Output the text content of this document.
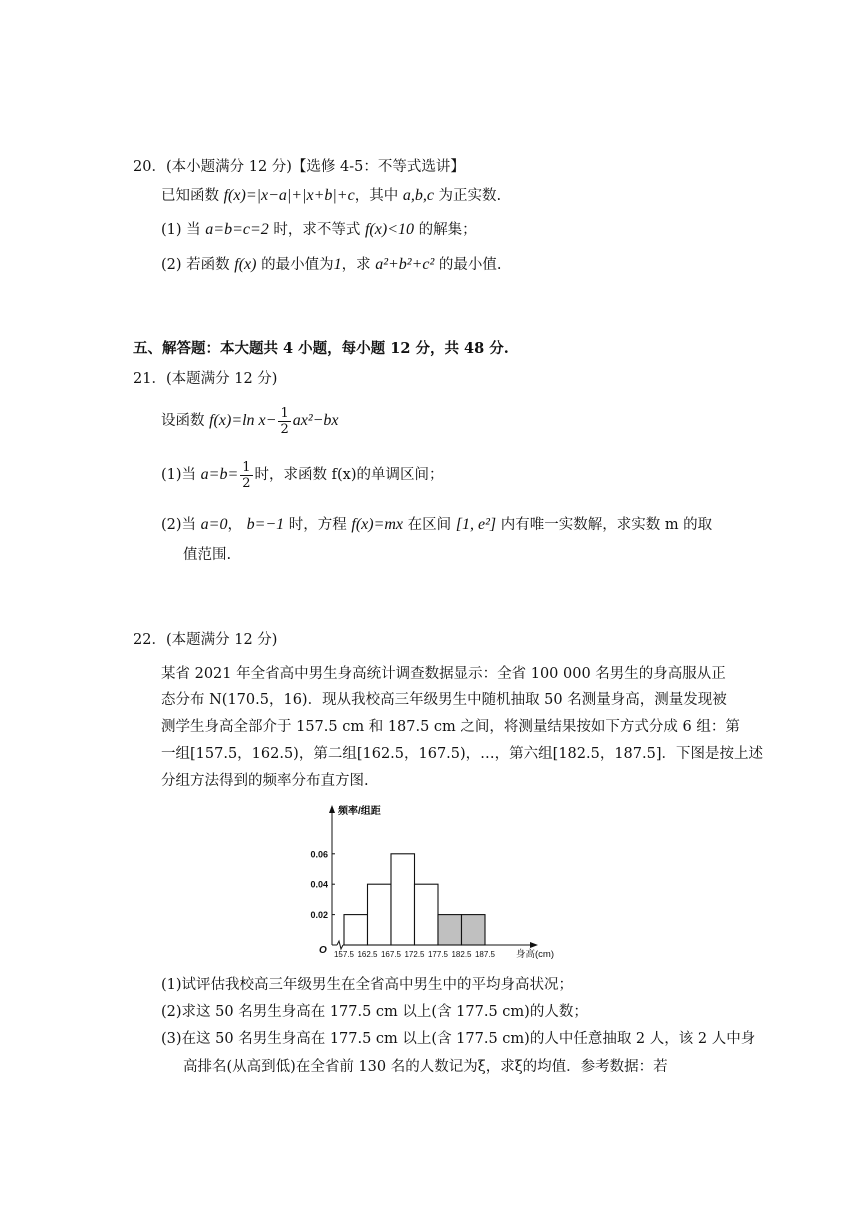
20．(本小题满分 12 分)【选修 4-5：不等式选讲】
已知函数 f(x)=|x−a|+|x+b|+c，其中 a,b,c 为正实数.
(1) 当 a=b=c=2 时，求不等式 f(x)<10 的解集；
(2) 若函数 f(x) 的最小值为1，求 a²+b²+c² 的最小值.
五、解答题：本大题共 4 小题，每小题 12 分，共 48 分.
21．(本题满分 12 分)
设函数 f(x)=ln $x- \frac{1}{2} ax^2-bx$
(1)当 $a=b= \frac{1}{2}$ 时，求函数 f(x)的单调区间；
(2)当 a=0， b=−1 时，方程 f(x)=mx 在区间 [1, e²] 内有唯一实数解，求实数 m 的取
值范围.
22．(本题满分 12 分)
某省 2021 年全省高中男生身高统计调查数据显示：全省 100 000 名男生的身高服从正
态分布 N(170.5，16)．现从我校高三年级男生中随机抽取 50 名测量身高，测量发现被
测学生身高全部介于 157.5 cm 和 187.5 cm 之间，将测量结果按如下方式分成 6 组：第
一组[157.5，162.5)，第二组[162.5，167.5)，…，第六组[182.5，187.5]．下图是按上述
分组方法得到的频率分布直方图.
频率/组距
身高(cm)
O
0.02
0.04
0.06
157.5 162.5 167.5 172.5 177.5 182.5 187.5
(1)试评估我校高三年级男生在全省高中男生中的平均身高状况；
(2)求这 50 名男生身高在 177.5 cm 以上(含 177.5 cm)的人数；
(3)在这 50 名男生身高在 177.5 cm 以上(含 177.5 cm)的人中任意抽取 2 人，该 2 人中身
高排名(从高到低)在全省前 130 名的人数记为ξ，求ξ的均值．参考数据：若
